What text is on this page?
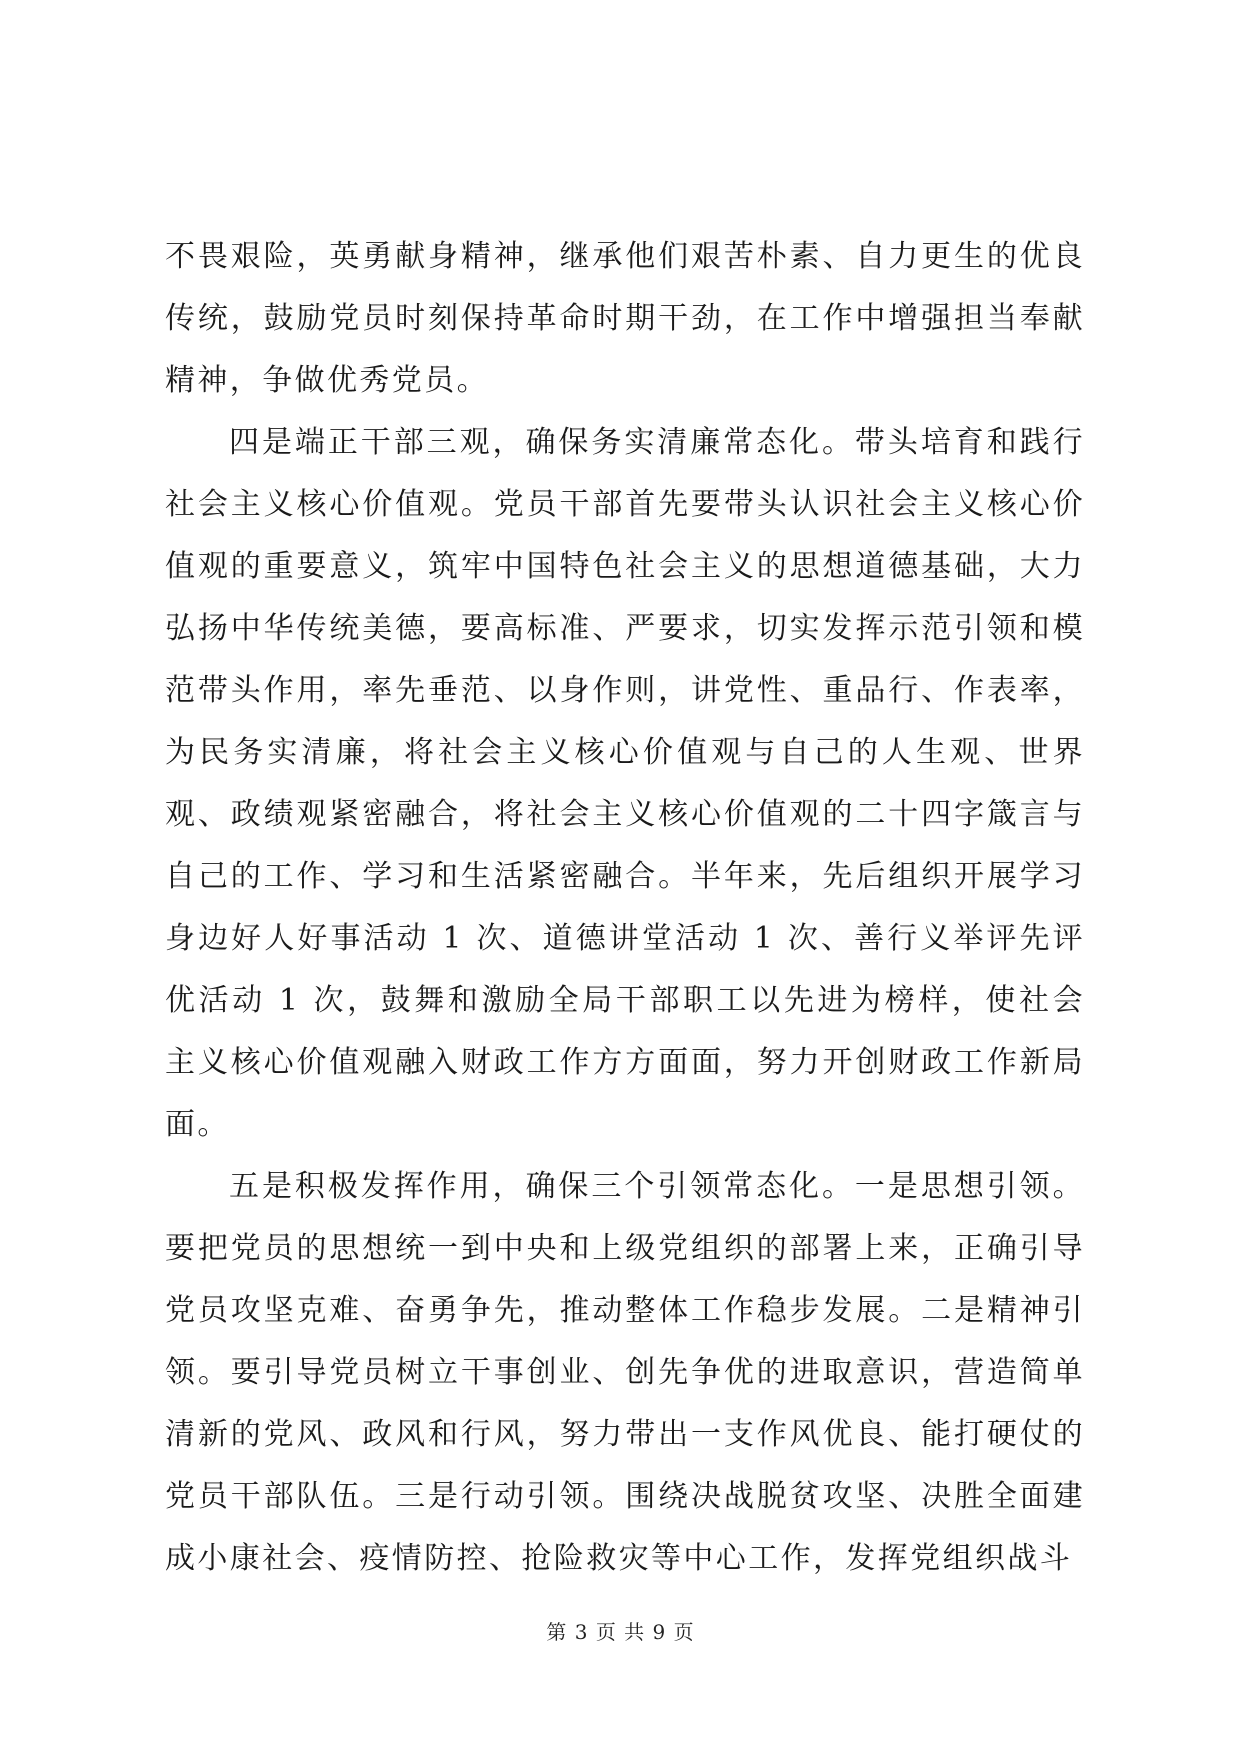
不畏艰险，英勇献身精神，继承他们艰苦朴素、自力更生的优良传统，鼓励党员时刻保持革命时期干劲，在工作中增强担当奉献精神，争做优秀党员。

四是端正干部三观，确保务实清廉常态化。带头培育和践行社会主义核心价值观。党员干部首先要带头认识社会主义核心价值观的重要意义，筑牢中国特色社会主义的思想道德基础，大力弘扬中华传统美德，要高标准、严要求，切实发挥示范引领和模范带头作用，率先垂范、以身作则，讲党性、重品行、作表率，为民务实清廉，将社会主义核心价值观与自己的人生观、世界观、政绩观紧密融合，将社会主义核心价值观的二十四字箴言与自己的工作、学习和生活紧密融合。半年来，先后组织开展学习身边好人好事活动 1 次、道德讲堂活动 1 次、善行义举评先评优活动 1 次，鼓舞和激励全局干部职工以先进为榜样，使社会主义核心价值观融入财政工作方方面面，努力开创财政工作新局面。

五是积极发挥作用，确保三个引领常态化。一是思想引领。要把党员的思想统一到中央和上级党组织的部署上来，正确引导党员攻坚克难、奋勇争先，推动整体工作稳步发展。二是精神引领。要引导党员树立干事创业、创先争优的进取意识，营造简单清新的党风、政风和行风，努力带出一支作风优良、能打硬仗的党员干部队伍。三是行动引领。围绕决战脱贫攻坚、决胜全面建成小康社会、疫情防控、抢险救灾等中心工作，发挥党组织战斗

第 3 页 共 9 页
